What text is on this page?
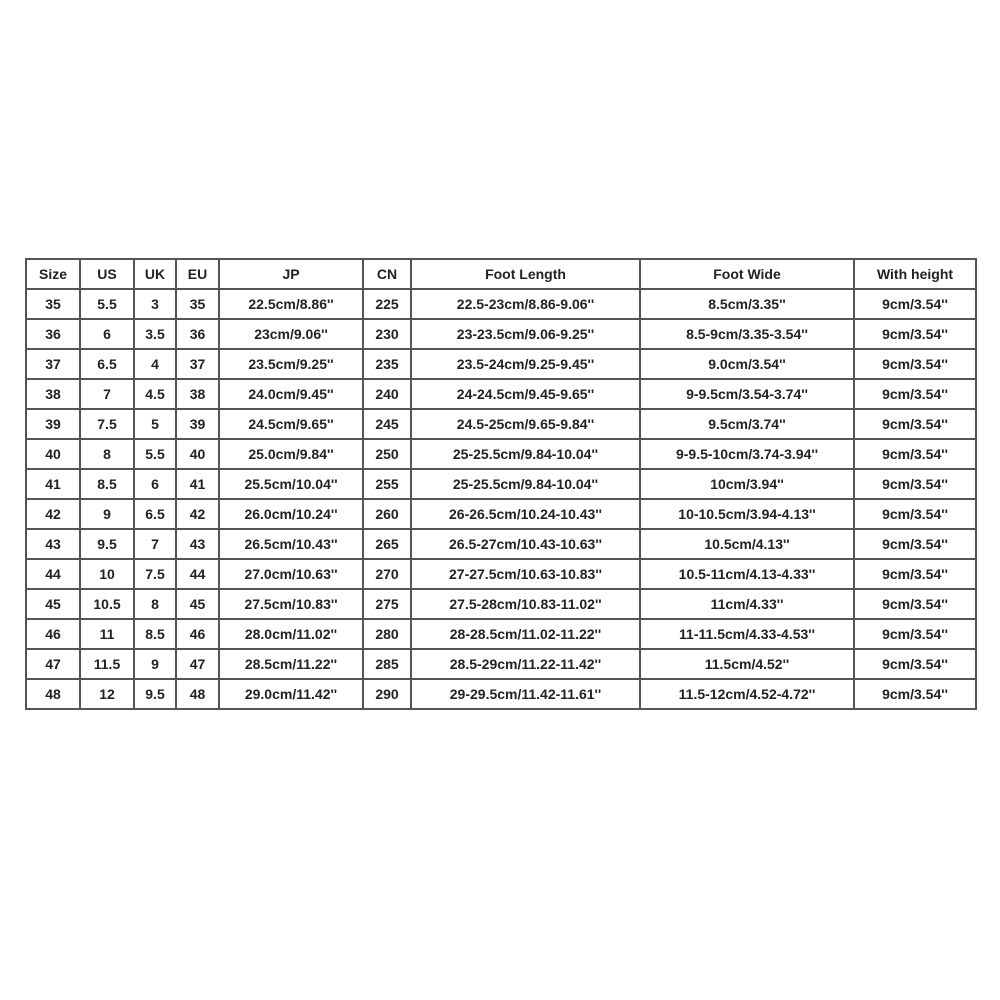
Size	US	UK	EU	JP	CN	Foot Length	Foot Wide	With height
35	5.5	3	35	22.5cm/8.86''	225	22.5-23cm/8.86-9.06''	8.5cm/3.35''	9cm/3.54''
36	6	3.5	36	23cm/9.06''	230	23-23.5cm/9.06-9.25''	8.5-9cm/3.35-3.54''	9cm/3.54''
37	6.5	4	37	23.5cm/9.25''	235	23.5-24cm/9.25-9.45''	9.0cm/3.54''	9cm/3.54''
38	7	4.5	38	24.0cm/9.45''	240	24-24.5cm/9.45-9.65''	9-9.5cm/3.54-3.74''	9cm/3.54''
39	7.5	5	39	24.5cm/9.65''	245	24.5-25cm/9.65-9.84''	9.5cm/3.74''	9cm/3.54''
40	8	5.5	40	25.0cm/9.84''	250	25-25.5cm/9.84-10.04''	9-9.5-10cm/3.74-3.94''	9cm/3.54''
41	8.5	6	41	25.5cm/10.04''	255	25-25.5cm/9.84-10.04''	10cm/3.94''	9cm/3.54''
42	9	6.5	42	26.0cm/10.24''	260	26-26.5cm/10.24-10.43''	10-10.5cm/3.94-4.13''	9cm/3.54''
43	9.5	7	43	26.5cm/10.43''	265	26.5-27cm/10.43-10.63''	10.5cm/4.13''	9cm/3.54''
44	10	7.5	44	27.0cm/10.63''	270	27-27.5cm/10.63-10.83''	10.5-11cm/4.13-4.33''	9cm/3.54''
45	10.5	8	45	27.5cm/10.83''	275	27.5-28cm/10.83-11.02''	11cm/4.33''	9cm/3.54''
46	11	8.5	46	28.0cm/11.02''	280	28-28.5cm/11.02-11.22''	11-11.5cm/4.33-4.53''	9cm/3.54''
47	11.5	9	47	28.5cm/11.22''	285	28.5-29cm/11.22-11.42''	11.5cm/4.52''	9cm/3.54''
48	12	9.5	48	29.0cm/11.42''	290	29-29.5cm/11.42-11.61''	11.5-12cm/4.52-4.72''	9cm/3.54''
